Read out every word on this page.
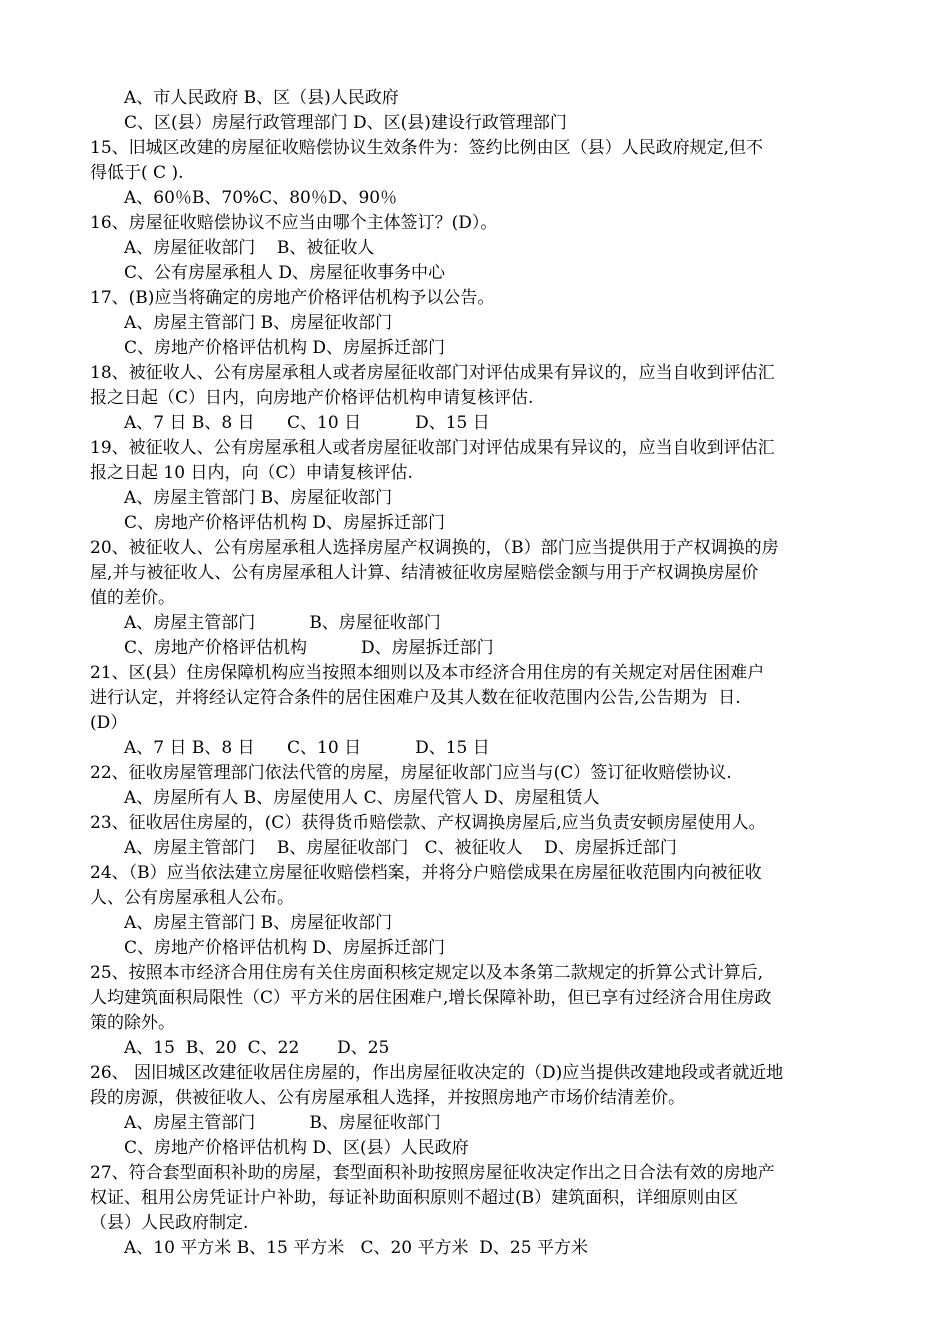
A、市人民政府 B、区（县)人民政府
C、区(县）房屋行政管理部门 D、区(县)建设行政管理部门
15、旧城区改建的房屋征收赔偿协议生效条件为：签约比例由区（县）人民政府规定,但不
得低于( C ).
A、60％B、70%C、80％D、90％
16、房屋征收赔偿协议不应当由哪个主体签订？(D）。
A、房屋征收部门    B、被征收人
C、公有房屋承租人 D、房屋征收事务中心
17、(B)应当将确定的房地产价格评估机构予以公告。
A、房屋主管部门 B、房屋征收部门
C、房地产价格评估机构 D、房屋拆迁部门
18、被征收人、公有房屋承租人或者房屋征收部门对评估成果有异议的，应当自收到评估汇
报之日起（C）日内，向房地产价格评估机构申请复核评估.
A、7 日 B、8 日      C、10 日          D、15 日
19、被征收人、公有房屋承租人或者房屋征收部门对评估成果有异议的，应当自收到评估汇
报之日起 10 日内，向（C）申请复核评估.
A、房屋主管部门 B、房屋征收部门
C、房地产价格评估机构 D、房屋拆迁部门
20、被征收人、公有房屋承租人选择房屋产权调换的，（B）部门应当提供用于产权调换的房
屋,并与被征收人、公有房屋承租人计算、结清被征收房屋赔偿金额与用于产权调换房屋价
值的差价。
A、房屋主管部门          B、房屋征收部门
C、房地产价格评估机构          D、房屋拆迁部门
21、区(县）住房保障机构应当按照本细则以及本市经济合用住房的有关规定对居住困难户
进行认定，并将经认定符合条件的居住困难户及其人数在征收范围内公告,公告期为  日.
(D）
A、7 日 B、8 日      C、10 日          D、15 日
22、征收房屋管理部门依法代管的房屋，房屋征收部门应当与(C）签订征收赔偿协议.
A、房屋所有人 B、房屋使用人 C、房屋代管人 D、房屋租赁人
23、征收居住房屋的，(C）获得货币赔偿款、产权调换房屋后,应当负责安顿房屋使用人。
A、房屋主管部门    B、房屋征收部门   C、被征收人    D、房屋拆迁部门
24、（B）应当依法建立房屋征收赔偿档案，并将分户赔偿成果在房屋征收范围内向被征收
人、公有房屋承租人公布。
A、房屋主管部门 B、房屋征收部门
C、房地产价格评估机构 D、房屋拆迁部门
25、按照本市经济合用住房有关住房面积核定规定以及本条第二款规定的折算公式计算后,
人均建筑面积局限性（C）平方米的居住困难户,增长保障补助，但已享有过经济合用住房政
策的除外。
A、15  B、20  C、22       D、25
26、 因旧城区改建征收居住房屋的，作出房屋征收决定的（D)应当提供改建地段或者就近地
段的房源，供被征收人、公有房屋承租人选择，并按照房地产市场价结清差价。
A、房屋主管部门          B、房屋征收部门
C、房地产价格评估机构 D、区(县）人民政府
27、符合套型面积补助的房屋，套型面积补助按照房屋征收决定作出之日合法有效的房地产
权证、租用公房凭证计户补助，每证补助面积原则不超过(B）建筑面积，详细原则由区
（县）人民政府制定.
A、10 平方米 B、15 平方米   C、20 平方米  D、25 平方米
